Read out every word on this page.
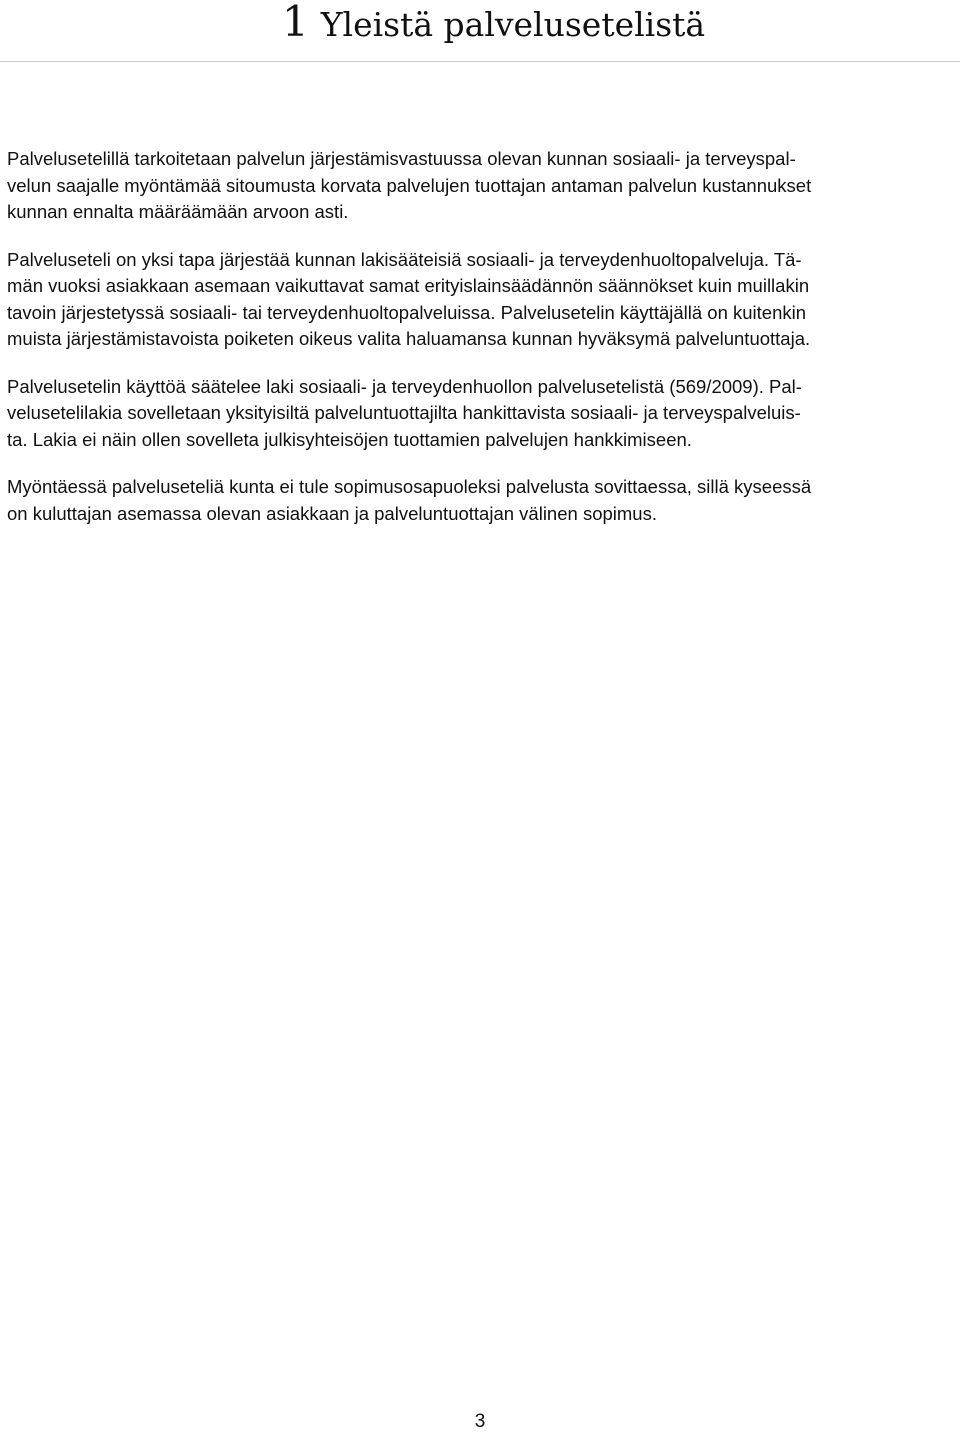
1 Yleistä palvelusetelistä

Palvelusetelillä tarkoitetaan palvelun järjestämisvastuussa olevan kunnan sosiaali- ja terveyspal-
velun saajalle myöntämää sitoumusta korvata palvelujen tuottajan antaman palvelun kustannukset
kunnan ennalta määräämään arvoon asti.

Palveluseteli on yksi tapa järjestää kunnan lakisääteisiä sosiaali- ja terveydenhuoltopalveluja. Tä-
män vuoksi asiakkaan asemaan vaikuttavat samat erityislainsäädännön säännökset kuin muillakin
tavoin järjestetyssä sosiaali- tai terveydenhuoltopalveluissa. Palvelusetelin käyttäjällä on kuitenkin
muista järjestämistavoista poiketen oikeus valita haluamansa kunnan hyväksymä palveluntuottaja.

Palvelusetelin käyttöä säätelee laki sosiaali- ja terveydenhuollon palvelusetelistä (569/2009). Pal-
velusetelilakia sovelletaan yksityisiltä palveluntuottajilta hankittavista sosiaali- ja terveyspalveluis-
ta. Lakia ei näin ollen sovelleta julkisyhteisöjen tuottamien palvelujen hankkimiseen.

Myöntäessä palveluseteliä kunta ei tule sopimusosapuoleksi palvelusta sovittaessa, sillä kyseessä
on kuluttajan asemassa olevan asiakkaan ja palveluntuottajan välinen sopimus.

3
